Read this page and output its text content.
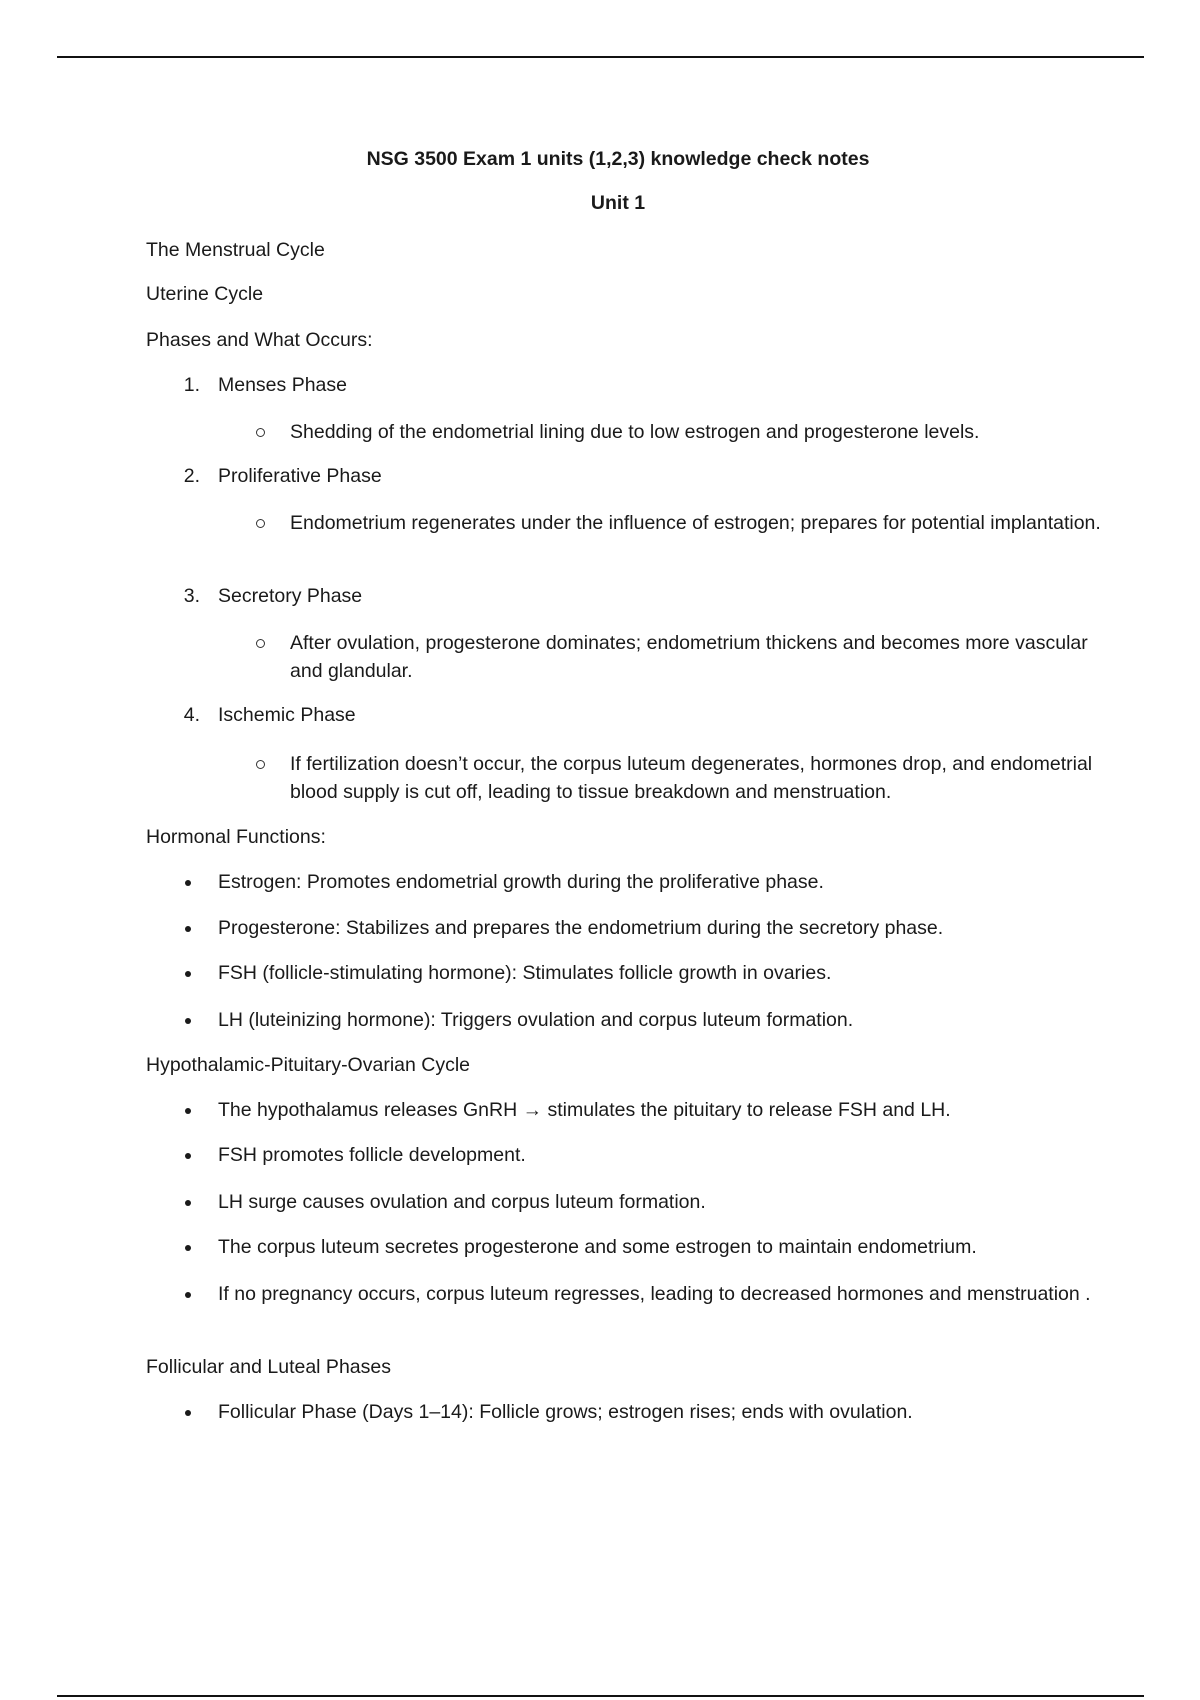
NSG 3500 Exam 1 units (1,2,3) knowledge check notes
Unit 1
The Menstrual Cycle
Uterine Cycle
Phases and What Occurs:
1. Menses Phase
Shedding of the endometrial lining due to low estrogen and progesterone levels.
2. Proliferative Phase
Endometrium regenerates under the influence of estrogen; prepares for potential implantation.
3. Secretory Phase
After ovulation, progesterone dominates; endometrium thickens and becomes more vascular and glandular.
4. Ischemic Phase
If fertilization doesn’t occur, the corpus luteum degenerates, hormones drop, and endometrial blood supply is cut off, leading to tissue breakdown and menstruation.
Hormonal Functions:
Estrogen: Promotes endometrial growth during the proliferative phase.
Progesterone: Stabilizes and prepares the endometrium during the secretory phase.
FSH (follicle-stimulating hormone): Stimulates follicle growth in ovaries.
LH (luteinizing hormone): Triggers ovulation and corpus luteum formation.
Hypothalamic-Pituitary-Ovarian Cycle
The hypothalamus releases GnRH → stimulates the pituitary to release FSH and LH.
FSH promotes follicle development.
LH surge causes ovulation and corpus luteum formation.
The corpus luteum secretes progesterone and some estrogen to maintain endometrium.
If no pregnancy occurs, corpus luteum regresses, leading to decreased hormones and menstruation .
Follicular and Luteal Phases
Follicular Phase (Days 1–14): Follicle grows; estrogen rises; ends with ovulation.
